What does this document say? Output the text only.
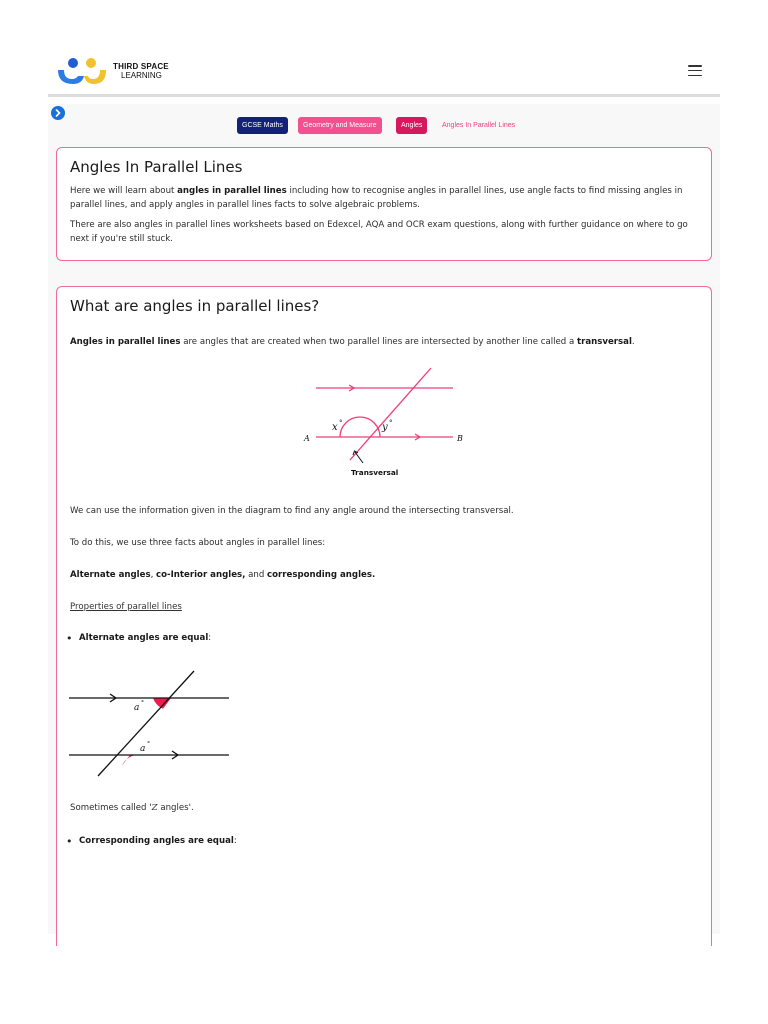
THIRD SPACE
LEARNING
GCSE Maths	Geometry and Measure	Angles	Angles In Parallel Lines
Angles In Parallel Lines

Here we will learn about angles in parallel lines including how to recognise angles in parallel lines, use angle facts to find missing angles in parallel lines, and apply angles in parallel lines facts to solve algebraic problems.

There are also angles in parallel lines worksheets based on Edexcel, AQA and OCR exam questions, along with further guidance on where to go next if you're still stuck.

What are angles in parallel lines?

Angles in parallel lines are angles that are created when two parallel lines are intersected by another line called a transversal.

x °	y °
A	B
Transversal

We can use the information given in the diagram to find any angle around the intersecting transversal.

To do this, we use three facts about angles in parallel lines:

Alternate angles, co-Interior angles, and corresponding angles.

Properties of parallel lines

• Alternate angles are equal:
a °
a °

Sometimes called 'Z angles'.

• Corresponding angles are equal:
